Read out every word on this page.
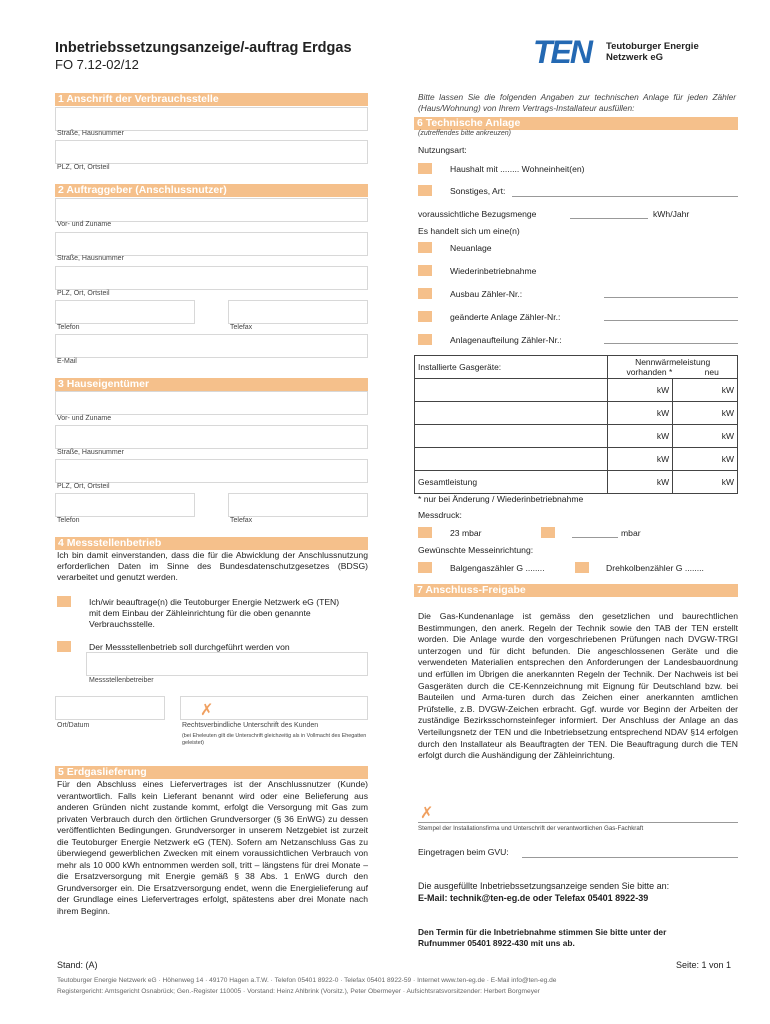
Inbetriebssetzungsanzeige/-auftrag Erdgas
FO 7.12-02/12	TEN Teutoburger Energie
Netzwerk eG
1 Anschrift der Verbrauchsstelle
Straße, Hausnummer
PLZ, Ort, Ortsteil
2 Auftraggeber (Anschlussnutzer)
Vor- und Zuname
Straße, Hausnummer
PLZ, Ort, Ortsteil
Telefon	Telefax
E-Mail
3 Hauseigentümer
Vor- und Zuname
Straße, Hausnummer
PLZ, Ort, Ortsteil
Telefon	Telefax
4 Messstellenbetrieb
Ich bin damit einverstanden, dass die für die Abwicklung der Anschlussnutzung erforderlichen Daten im Sinne des Bundesdatenschutzgesetzes (BDSG) verarbeitet und genutzt werden.
Ich/wir beauftrage(n) die Teutoburger Energie Netzwerk eG (TEN) mit dem Einbau der Zähleinrichtung für die oben genannte Verbrauchsstelle.
Der Messstellenbetrieb soll durchgeführt werden von
Messstellenbetreiber
✗
Ort/Datum	Rechtsverbindliche Unterschrift des Kunden
(bei Eheleuten gilt die Unterschrift gleichzeitig als in Vollmacht des Ehegatten geleistet)
5 Erdgaslieferung
Für den Abschluss eines Liefervertrages ist der Anschlussnutzer (Kunde) verantwortlich. Falls kein Lieferant benannt wird oder eine Belieferung aus anderen Gründen nicht zustande kommt, erfolgt die Versorgung mit Gas zum privaten Verbrauch durch den örtlichen Grundversorger (§ 36 EnWG) zu dessen veröffentlichten Bedingungen. Grundversorger in unserem Netzgebiet ist zurzeit die Teutoburger Energie Netzwerk eG (TEN). Sofern am Netzanschluss Gas zu überwiegend gewerblichen Zwecken mit einem voraussichtlichen Verbrauch von mehr als 10 000 kWh entnommen werden soll, tritt – längstens für drei Monate – die Ersatzversorgung mit Energie gemäß § 38 Abs. 1 EnWG durch den Grundversorger ein. Die Ersatzversorgung endet, wenn die Energielieferung auf der Grundlage eines Liefervertrages erfolgt, spätestens aber drei Monate nach ihrem Beginn.
Bitte lassen Sie die folgenden Angaben zur technischen Anlage für jeden Zähler (Haus/Wohnung) von Ihrem Vertrags-Installateur ausfüllen:
6 Technische Anlage
(zutreffendes bitte ankreuzen)
Nutzungsart:
Haushalt mit ........ Wohneinheit(en)
Sonstiges, Art:
voraussichtliche Bezugsmenge	kWh/Jahr
Es handelt sich um eine(n)
Neuanlage
Wiederinbetriebnahme
Ausbau Zähler-Nr.:
geänderte Anlage Zähler-Nr.:
Anlagenaufteilung Zähler-Nr.:
Installierte Gasgeräte:	Nennwärmeleistung
vorhanden * neu	

	kW	kW
	kW	kW
	kW	kW
	kW	kW
Gesamtleistung	kW	kW
* nur bei Änderung / Wiederinbetriebnahme
Messdruck:
23 mbar	mbar
Gewünschte Messeinrichtung:
Balgengaszähler G ........	Drehkolbenzähler G ........
7 Anschluss-Freigabe
Die Gas-Kundenanlage ist gemäss den gesetzlichen und baurechtlichen Bestimmungen, den anerk. Regeln der Technik sowie den TAB der TEN erstellt worden. Die Anlage wurde den vorgeschriebenen Prüfungen nach DVGW-TRGI unterzogen und für dicht befunden. Die angeschlossenen Geräte und die verwendeten Materialien entsprechen den Anforderungen der Landesbauordnung und erfüllen im Übrigen die anerkannten Regeln der Technik. Der Nachweis ist bei Gasgeräten durch die CE-Kennzeichnung mit Eignung für Deutschland bzw. bei Bauteilen und Arma-turen durch das Zeichen einer anerkannten amtlichen Prüfstelle, z.B. DVGW-Zeichen erbracht. Ggf. wurde vor Beginn der Arbeiten der zuständige Bezirksschornsteinfeger informiert. Der Anschluss der Anlage an das Verteilungsnetz der TEN und die Inbetriebsetzung entsprechend NDAV §14 erfolgen durch den Installateur als Beauftragten der TEN. Die Beauftragung durch die TEN erfolgt durch die Aushändigung der Zähleinrichtung.
✗
Stempel der Installationsfirma und Unterschrift der verantwortlichen Gas-Fachkraft
Eingetragen beim GVU:
Die ausgefüllte Inbetriebssetzungsanzeige senden Sie bitte an:
E-Mail: technik@ten-eg.de oder Telefax 05401 8922-39
Den Termin für die Inbetriebnahme stimmen Sie bitte unter der
Rufnummer 05401 8922-430 mit uns ab.
Stand: (A)	Seite: 1 von 1
Teutoburger Energie Netzwerk eG · Höhenweg 14 · 49170 Hagen a.T.W. · Telefon 05401 8922-0 · Telefax 05401 8922-59 · Internet www.ten-eg.de · E-Mail info@ten-eg.de
Registergericht: Amtsgericht Osnabrück; Gen.-Register 110005 · Vorstand: Heinz Ahlbrink (Vorsitz.), Peter Obermeyer · Aufsichtsratsvorsitzender: Herbert Borgmeyer
